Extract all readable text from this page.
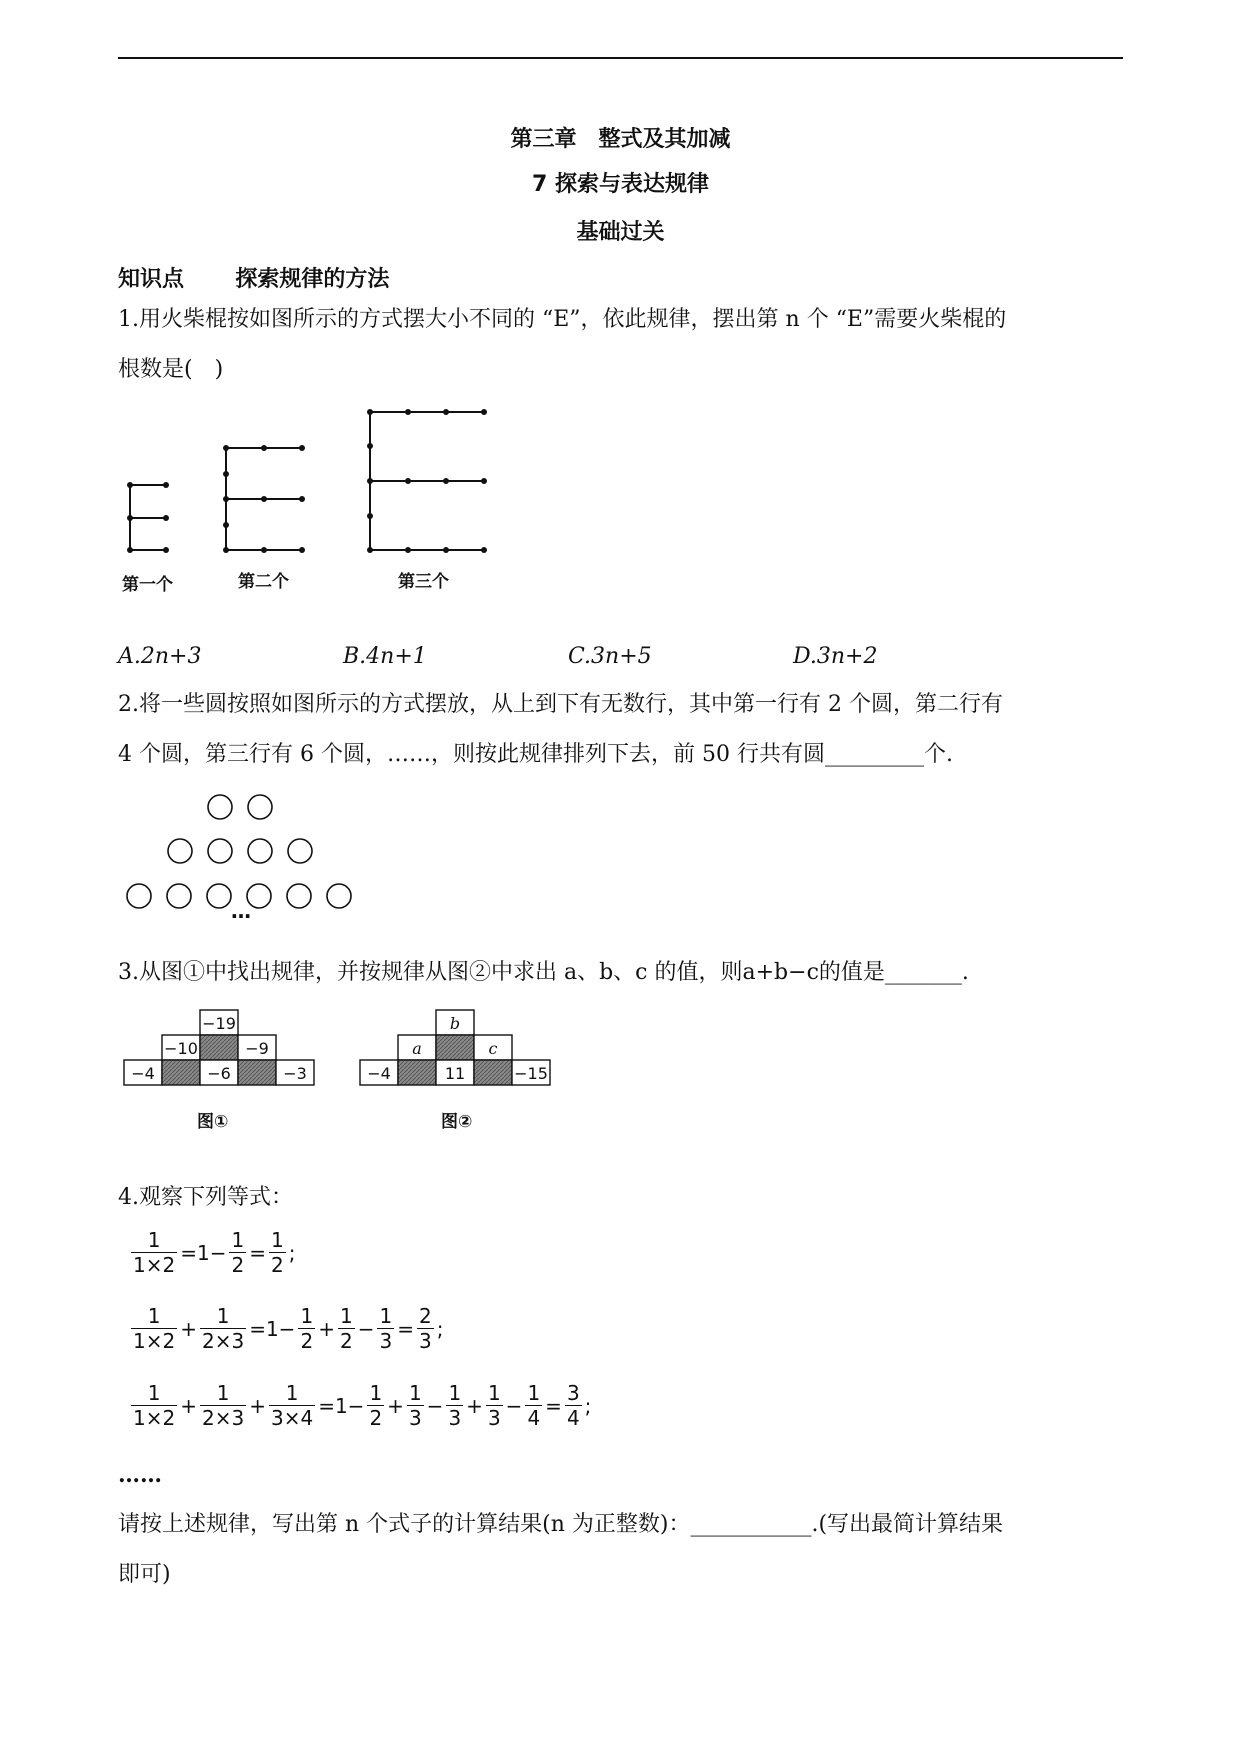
第三章　整式及其加减
7 探索与表达规律
基础过关
知识点 探索规律的方法
1.用火柴棍按如图所示的方式摆大小不同的 “E”，依此规律，摆出第 n 个 “E”需要火柴棍的
根数是(　)
第一个	第二个	第三个
A.2n+3	B.4n+1	C.3n+5	D.3n+2
2.将一些圆按照如图所示的方式摆放，从上到下有无数行，其中第一行有 2 个圆，第二行有
4 个圆，第三行有 6 个圆，……，则按此规律排列下去，前 50 行共有圆_________个.
…
3.从图①中找出规律，并按规律从图②中求出 a、b、c 的值，则a+b−c的值是_______.
−19
−10	−9
−4	−6	−3
图①
b
a	c
−4	11	−15
图②
4.观察下列等式：
$\frac{1}{1\times 2} =1- \frac{1}{2} = \frac{1}{2}$ ;
$\frac{1}{1\times 2} + \frac{1}{2\times 3} =1- \frac{1}{2} + \frac{1}{2} - \frac{1}{3} = \frac{2}{3}$ ;
$\frac{1}{1\times 2} + \frac{1}{2\times 3} + \frac{1}{3\times 4} =1- \frac{1}{2} + \frac{1}{3} - \frac{1}{3} + \frac{1}{3} - \frac{1}{4} = \frac{3}{4}$ ;
……
请按上述规律，写出第 n 个式子的计算结果(n 为正整数)：___________.(写出最简计算结果
即可)
